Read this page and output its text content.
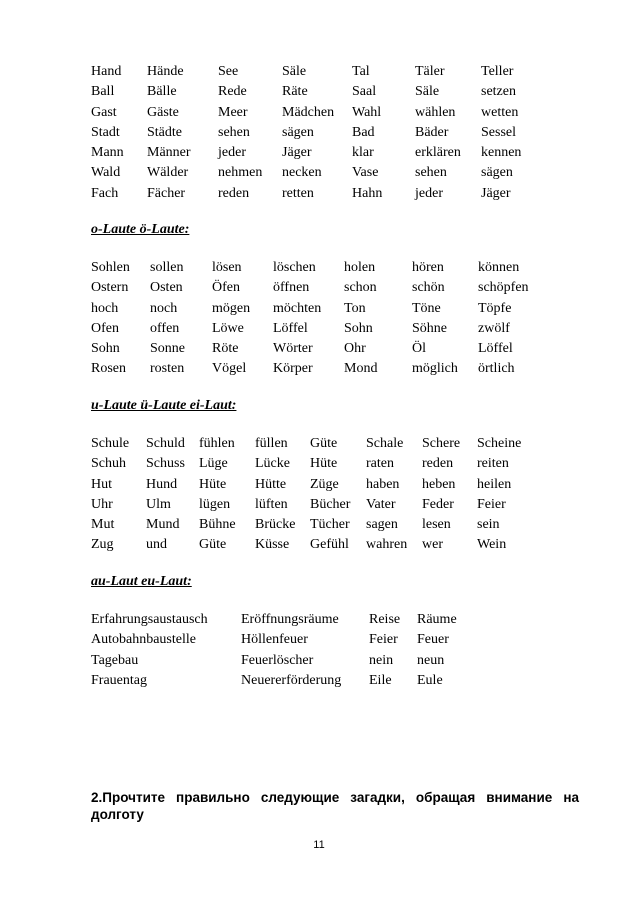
Hand	Hände	See	Säle	Tal	Täler	Teller
Ball	Bälle	Rede	Räte	Saal	Säle	setzen
Gast	Gäste	Meer	Mädchen	Wahl	wählen	wetten
Stadt	Städte	sehen	sägen	Bad	Bäder	Sessel
Mann	Männer	jeder	Jäger	klar	erklären	kennen
Wald	Wälder	nehmen	necken	Vase	sehen	sägen
Fach	Fächer	reden	retten	Hahn	jeder	Jäger
o-Laute ö-Laute:
Sohlen	sollen	lösen	löschen	holen	hören	können
Ostern	Osten	Öfen	öffnen	schon	schön	schöpfen
hoch	noch	mögen	möchten	Ton	Töne	Töpfe
Ofen	offen	Löwe	Löffel	Sohn	Söhne	zwölf
Sohn	Sonne	Röte	Wörter	Ohr	Öl	Löffel
Rosen	rosten	Vögel	Körper	Mond	möglich	örtlich
u-Laute ü-Laute ei-Laut:
Schule	Schuld	fühlen	füllen	Güte	Schale	Schere	Scheine
Schuh	Schuss	Lüge	Lücke	Hüte	raten	reden	reiten
Hut	Hund	Hüte	Hütte	Züge	haben	heben	heilen
Uhr	Ulm	lügen	lüften	Bücher	Vater	Feder	Feier
Mut	Mund	Bühne	Brücke	Tücher	sagen	lesen	sein
Zug	und	Güte	Küsse	Gefühl	wahren	wer	Wein
au-Laut eu-Laut:
Erfahrungsaustausch	Eröffnungsräume	Reise	Räume
Autobahnbaustelle	Höllenfeuer	Feier	Feuer
Tagebau	Feuerlöscher	nein	neun
Frauentag	Neuererförderung	Eile	Eule
2.Прочтите правильно следующие загадки, обращая внимание на долготу
11
